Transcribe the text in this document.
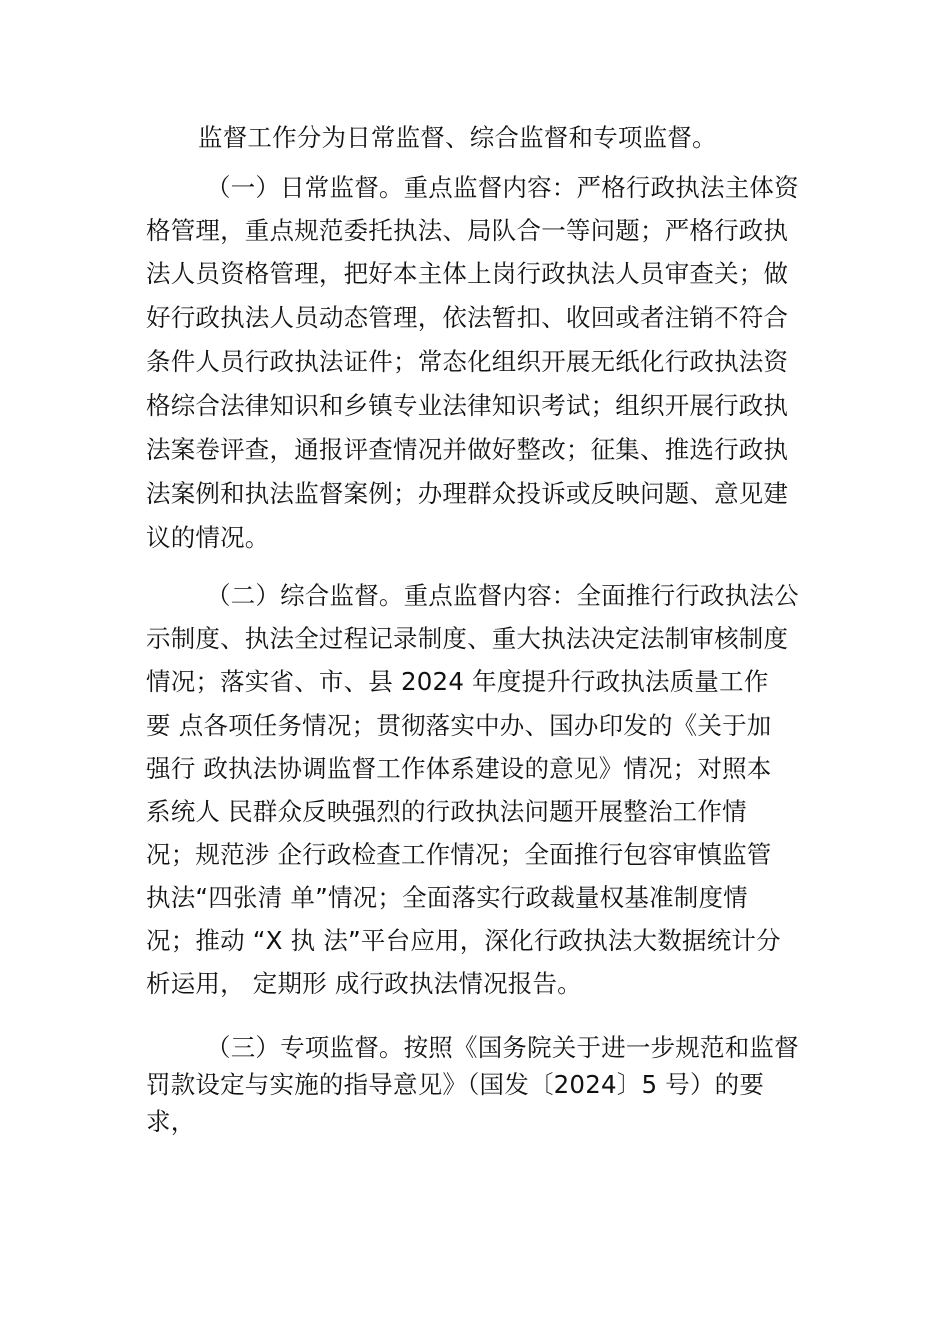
监督工作分为日常监督、综合监督和专项监督。
（一）日常监督。重点监督内容：严格行政执法主体资
格管理，重点规范委托执法、局队合一等问题；严格行政执
法人员资格管理，把好本主体上岗行政执法人员审查关；做
好行政执法人员动态管理，依法暂扣、收回或者注销不符合
条件人员行政执法证件；常态化组织开展无纸化行政执法资
格综合法律知识和乡镇专业法律知识考试；组织开展行政执
法案卷评查，通报评查情况并做好整改；征集、推选行政执
法案例和执法监督案例；办理群众投诉或反映问题、意见建
议的情况。
（二）综合监督。重点监督内容：全面推行行政执法公
示制度、执法全过程记录制度、重大执法决定法制审核制度
情况；落实省、市、县 2024 年度提升行政执法质量工作
要 点各项任务情况；贯彻落实中办、国办印发的《关于加
强行 政执法协调监督工作体系建设的意见》情况；对照本
系统人 民群众反映强烈的行政执法问题开展整治工作情
况；规范涉 企行政检查工作情况；全面推行包容审慎监管
执法“四张清 单”情况；全面落实行政裁量权基准制度情
况；推动 “Ⅹ 执 法”平台应用，深化行政执法大数据统计分
析运用， 定期形 成行政执法情况报告。
（三）专项监督。按照《国务院关于进一步规范和监督
罚款设定与实施的指导意见》（国发〔2024〕5 号）的要
求，
